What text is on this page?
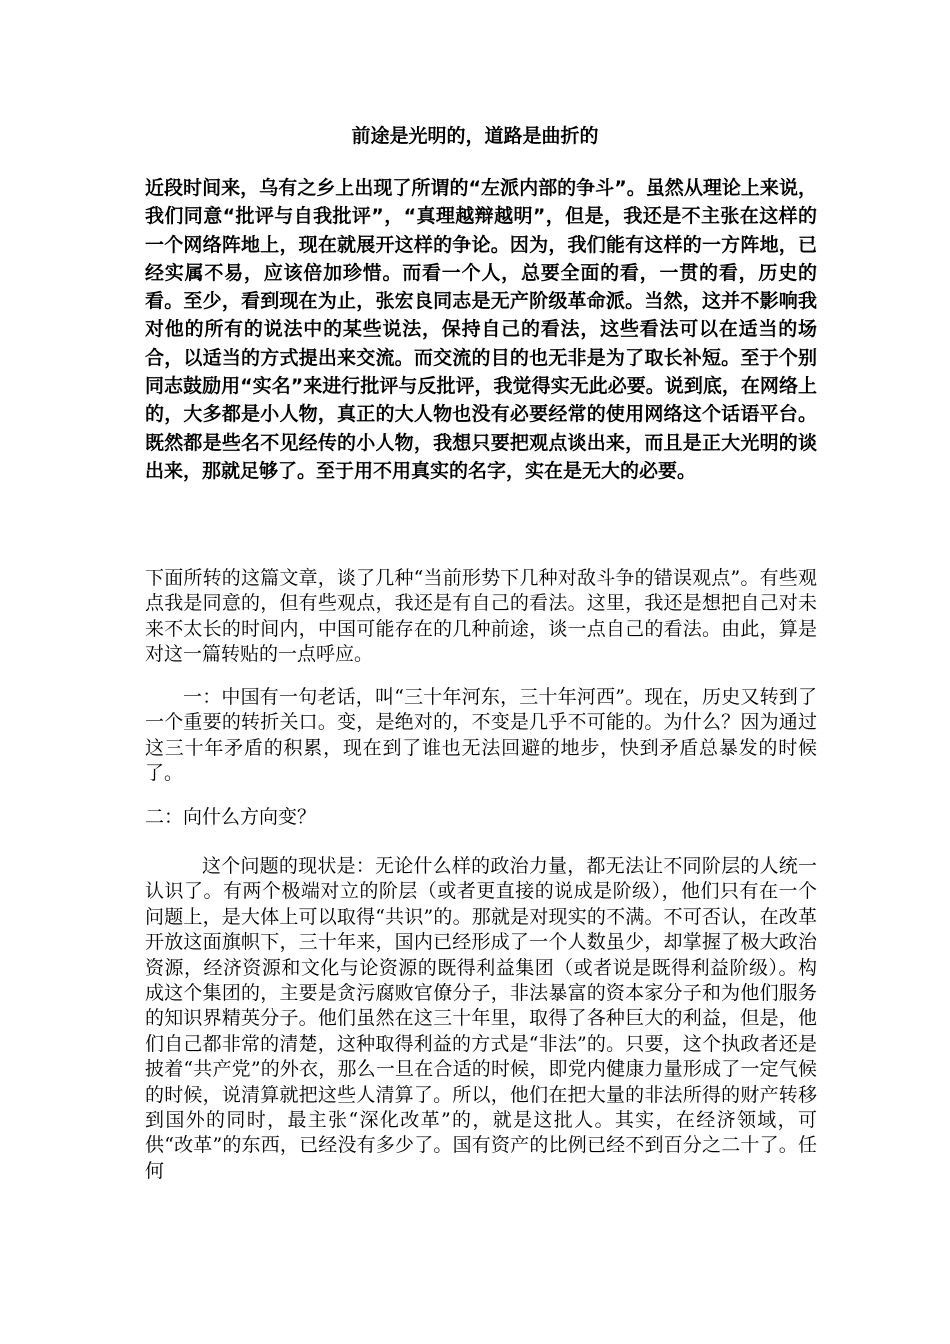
前途是光明的，道路是曲折的

近段时间来，乌有之乡上出现了所谓的“左派内部的争斗”。虽然从理论上来说，我们同意“批评与自我批评”，“真理越辩越明”，但是，我还是不主张在这样的一个网络阵地上，现在就展开这样的争论。因为，我们能有这样的一方阵地，已经实属不易，应该倍加珍惜。而看一个人，总要全面的看，一贯的看，历史的看。至少，看到现在为止，张宏良同志是无产阶级革命派。当然，这并不影响我对他的所有的说法中的某些说法，保持自己的看法，这些看法可以在适当的场合，以适当的方式提出来交流。而交流的目的也无非是为了取长补短。至于个别同志鼓励用“实名”来进行批评与反批评，我觉得实无此必要。说到底，在网络上的，大多都是小人物，真正的大人物也没有必要经常的使用网络这个话语平台。既然都是些名不见经传的小人物，我想只要把观点谈出来，而且是正大光明的谈出来，那就足够了。至于用不用真实的名字，实在是无大的必要。

下面所转的这篇文章，谈了几种“当前形势下几种对敌斗争的错误观点”。有些观点我是同意的，但有些观点，我还是有自己的看法。这里，我还是想把自己对未来不太长的时间内，中国可能存在的几种前途，谈一点自己的看法。由此，算是对这一篇转贴的一点呼应。

一：中国有一句老话，叫“三十年河东，三十年河西”。现在，历史又转到了一个重要的转折关口。变，是绝对的，不变是几乎不可能的。为什么？因为通过这三十年矛盾的积累，现在到了谁也无法回避的地步，快到矛盾总暴发的时候了。

二：向什么方向变？

这个问题的现状是：无论什么样的政治力量，都无法让不同阶层的人统一认识了。有两个极端对立的阶层（或者更直接的说成是阶级），他们只有在一个问题上，是大体上可以取得“共识”的。那就是对现实的不满。不可否认，在改革开放这面旗帜下，三十年来，国内已经形成了一个人数虽少，却掌握了极大政治资源，经济资源和文化与论资源的既得利益集团（或者说是既得利益阶级）。构成这个集团的，主要是贪污腐败官僚分子，非法暴富的资本家分子和为他们服务的知识界精英分子。他们虽然在这三十年里，取得了各种巨大的利益，但是，他们自己都非常的清楚，这种取得利益的方式是“非法”的。只要，这个执政者还是披着“共产党”的外衣，那么一旦在合适的时候，即党内健康力量形成了一定气候的时候，说清算就把这些人清算了。所以，他们在把大量的非法所得的财产转移到国外的同时，最主张“深化改革”的，就是这批人。其实，在经济领域，可供“改革”的东西，已经没有多少了。国有资产的比例已经不到百分之二十了。任何
